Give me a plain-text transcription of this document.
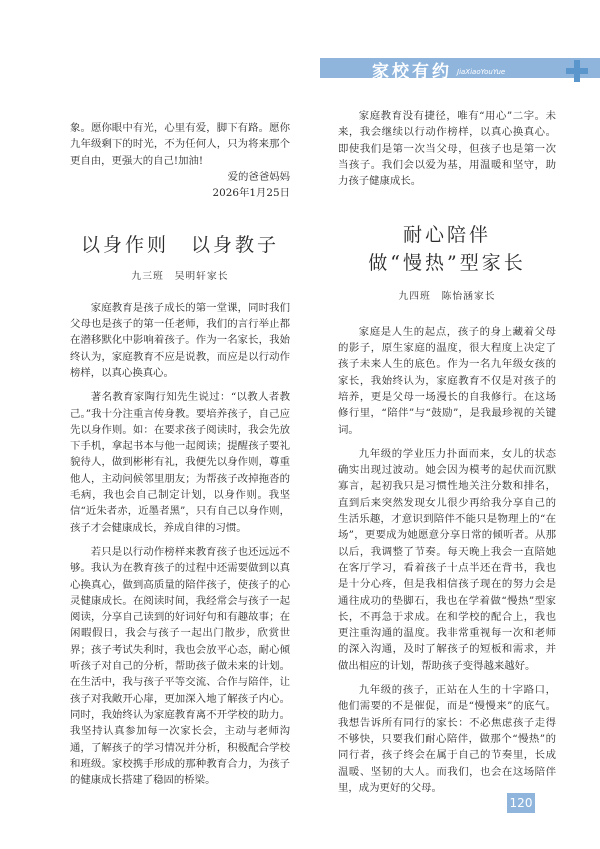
家校有约 JiaXiaoYouYue

象。愿你眼中有光，心里有爱，脚下有路。愿你九年级剩下的时光，不为任何人，只为将来那个更自由，更强大的自己!加油!

爱的爸爸妈妈

2026年1月25日

以身作则　以身教子
九三班　吴明轩家长

家庭教育是孩子成长的第一堂课，同时我们父母也是孩子的第一任老师，我们的言行举止都在潜移默化中影响着孩子。作为一名家长，我始终认为，家庭教育不应是说教，而应是以行动作榜样，以真心换真心。

著名教育家陶行知先生说过：“以教人者教己。”我十分注重言传身教。要培养孩子，自己应先以身作则。如：在要求孩子阅读时，我会先放下手机，拿起书本与他一起阅读；提醒孩子要礼貌待人，做到彬彬有礼，我便先以身作则，尊重他人，主动问候邻里朋友；为帮孩子改掉拖沓的毛病，我也会自己制定计划，以身作则。我坚信“近朱者赤，近墨者黑”，只有自己以身作则，孩子才会健康成长，养成自律的习惯。

若只是以行动作榜样来教育孩子也还远远不够。我认为在教育孩子的过程中还需要做到以真心换真心，做到高质量的陪伴孩子，使孩子的心灵健康成长。在阅读时间，我经常会与孩子一起阅读，分享自己读到的好词好句和有趣故事；在闲暇假日，我会与孩子一起出门散步，欣赏世界；孩子考试失利时，我也会放平心态，耐心倾听孩子对自己的分析，帮助孩子做未来的计划。在生活中，我与孩子平等交流、合作与陪伴，让孩子对我敞开心扉，更加深入地了解孩子内心。同时，我始终认为家庭教育离不开学校的助力。我坚持认真参加每一次家长会，主动与老师沟通，了解孩子的学习情况并分析，积极配合学校和班级。家校携手形成的那种教育合力，为孩子的健康成长搭建了稳固的桥梁。

家庭教育没有捷径，唯有“用心”二字。未来，我会继续以行动作榜样，以真心换真心。即使我们是第一次当父母，但孩子也是第一次当孩子。我们会以爱为基，用温暖和坚守，助力孩子健康成长。

耐心陪伴
做“慢热”型家长
九四班　陈怡涵家长

家庭是人生的起点，孩子的身上藏着父母的影子，原生家庭的温度，很大程度上决定了孩子未来人生的底色。作为一名九年级女孩的家长，我始终认为，家庭教育不仅是对孩子的培养，更是父母一场漫长的自我修行。在这场修行里，“陪伴”与“鼓励”，是我最珍视的关键词。

九年级的学业压力扑面而来，女儿的状态确实出现过波动。她会因为模考的起伏而沉默寡言，起初我只是习惯性地关注分数和排名，直到后来突然发现女儿很少再给我分享自己的生活乐趣，才意识到陪伴不能只是物理上的“在场”，更要成为她愿意分享日常的倾听者。从那以后，我调整了节奏。每天晚上我会一直陪她在客厅学习，看着孩子十点半还在背书，我也是十分心疼，但是我相信孩子现在的努力会是通往成功的垫脚石，我也在学着做“慢热”型家长，不再急于求成。在和学校的配合上，我也更注重沟通的温度。我非常重视每一次和老师的深入沟通，及时了解孩子的短板和需求，并做出相应的计划，帮助孩子变得越来越好。

九年级的孩子，正站在人生的十字路口，他们需要的不是催促，而是“慢慢来”的底气。我想告诉所有同行的家长：不必焦虑孩子走得不够快，只要我们耐心陪伴，做那个“慢热”的同行者，孩子终会在属于自己的节奏里，长成温暖、坚韧的大人。而我们，也会在这场陪伴里，成为更好的父母。

120
